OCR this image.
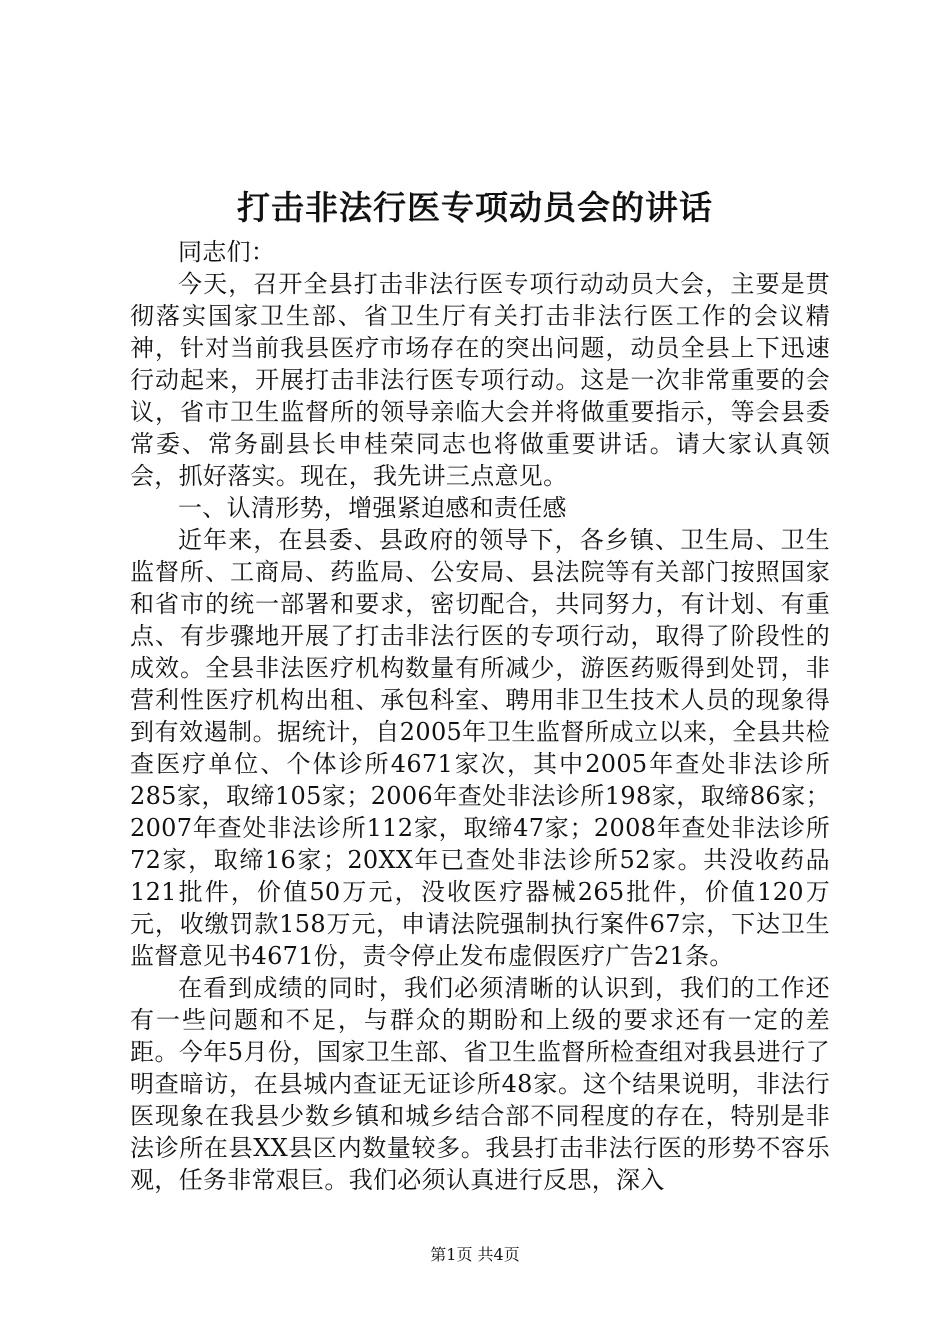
打击非法行医专项动员会的讲话

同志们：

今天，召开全县打击非法行医专项行动动员大会，主要是贯彻落实国家卫生部、省卫生厅有关打击非法行医工作的会议精神，针对当前我县医疗市场存在的突出问题，动员全县上下迅速行动起来，开展打击非法行医专项行动。这是一次非常重要的会议，省市卫生监督所的领导亲临大会并将做重要指示，等会县委常委、常务副县长申桂荣同志也将做重要讲话。请大家认真领会，抓好落实。现在，我先讲三点意见。

一、认清形势，增强紧迫感和责任感

近年来，在县委、县政府的领导下，各乡镇、卫生局、卫生监督所、工商局、药监局、公安局、县法院等有关部门按照国家和省市的统一部署和要求，密切配合，共同努力，有计划、有重点、有步骤地开展了打击非法行医的专项行动，取得了阶段性的成效。全县非法医疗机构数量有所减少，游医药贩得到处罚，非营利性医疗机构出租、承包科室、聘用非卫生技术人员的现象得到有效遏制。据统计，自2005年卫生监督所成立以来，全县共检查医疗单位、个体诊所4671家次，其中2005年查处非法诊所285家，取缔105家；2006年查处非法诊所198家，取缔86家；2007年查处非法诊所112家，取缔47家；2008年查处非法诊所72家，取缔16家；20XX年已查处非法诊所52家。共没收药品121批件，价值50万元，没收医疗器械265批件，价值120万元，收缴罚款158万元，申请法院强制执行案件67宗，下达卫生监督意见书4671份，责令停止发布虚假医疗广告21条。

在看到成绩的同时，我们必须清晰的认识到，我们的工作还有一些问题和不足，与群众的期盼和上级的要求还有一定的差距。今年5月份，国家卫生部、省卫生监督所检查组对我县进行了明查暗访，在县城内查证无证诊所48家。这个结果说明，非法行医现象在我县少数乡镇和城乡结合部不同程度的存在，特别是非法诊所在县XX县区内数量较多。我县打击非法行医的形势不容乐观，任务非常艰巨。我们必须认真进行反思，深入

第1页 共4页
